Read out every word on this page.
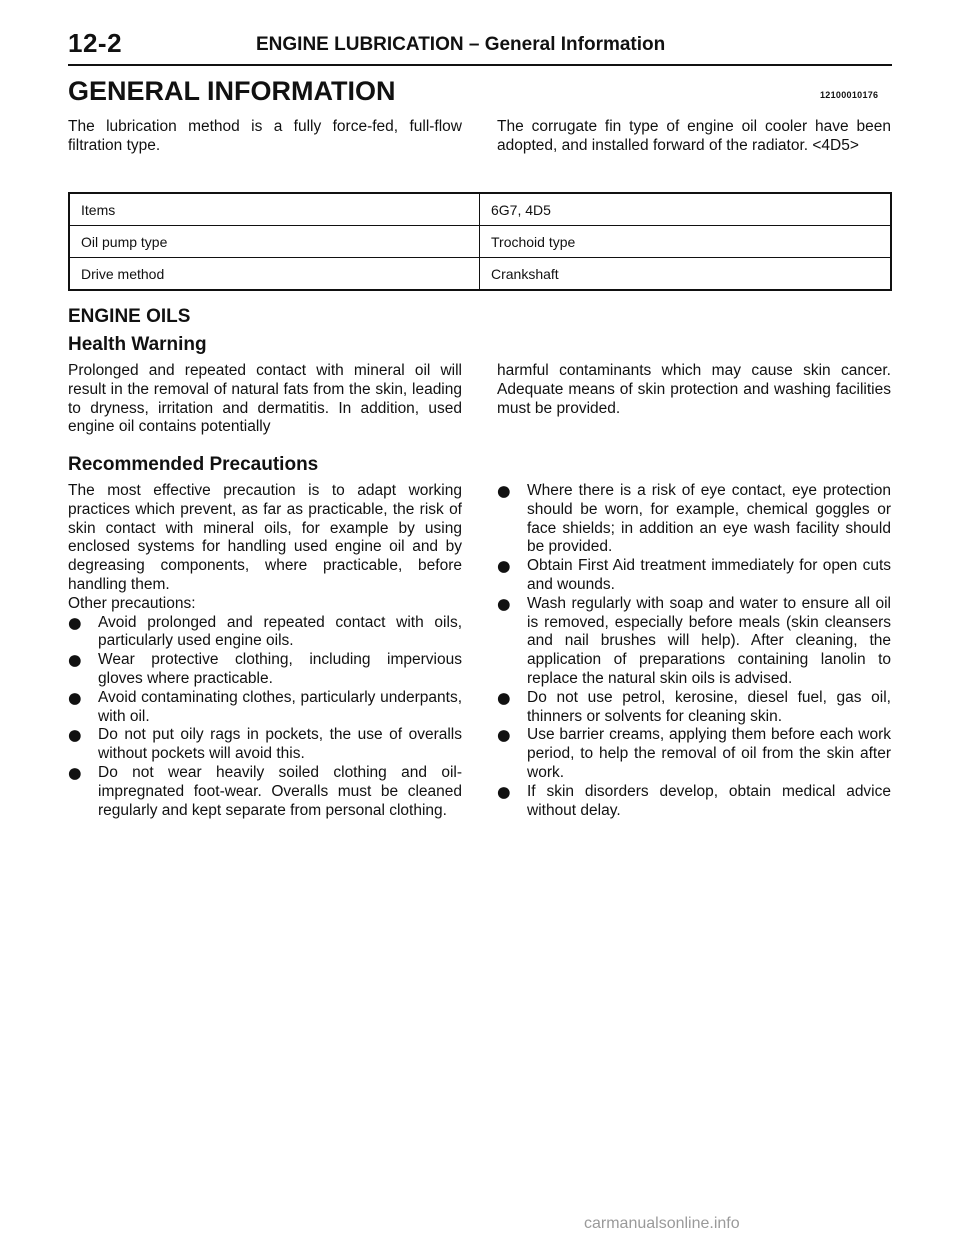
12-2	ENGINE LUBRICATION – General Information
GENERAL INFORMATION	12100010176

The lubrication method is a fully force-fed, full-flow filtration type.

The corrugate fin type of engine oil cooler have been adopted, and installed forward of the radiator. <4D5>

Items	6G7, 4D5
Oil pump type	Trochoid type
Drive method	Crankshaft
ENGINE OILS
Health Warning

Prolonged and repeated contact with mineral oil will result in the removal of natural fats from the skin, leading to dryness, irritation and dermatitis. In addition, used engine oil contains potentially

harmful contaminants which may cause skin cancer. Adequate means of skin protection and washing facilities must be provided.

Recommended Precautions

The most effective precaution is to adapt working practices which prevent, as far as practicable, the risk of skin contact with mineral oils, for example by using enclosed systems for handling used engine oil and by degreasing components, where practicable, before handling them.

Other precautions:

● Avoid prolonged and repeated contact with oils, particularly used engine oils.
● Wear protective clothing, including impervious gloves where practicable.
● Avoid contaminating clothes, particularly underpants, with oil.
● Do not put oily rags in pockets, the use of overalls without pockets will avoid this.
● Do not wear heavily soiled clothing and oil-impregnated foot-wear. Overalls must be cleaned regularly and kept separate from personal clothing.
● Where there is a risk of eye contact, eye protection should be worn, for example, chemical goggles or face shields; in addition an eye wash facility should be provided.
● Obtain First Aid treatment immediately for open cuts and wounds.
● Wash regularly with soap and water to ensure all oil is removed, especially before meals (skin cleansers and nail brushes will help). After cleaning, the application of preparations containing lanolin to replace the natural skin oils is advised.
● Do not use petrol, kerosine, diesel fuel, gas oil, thinners or solvents for cleaning skin.
● Use barrier creams, applying them before each work period, to help the removal of oil from the skin after work.
● If skin disorders develop, obtain medical advice without delay.
carmanualsonline.info
